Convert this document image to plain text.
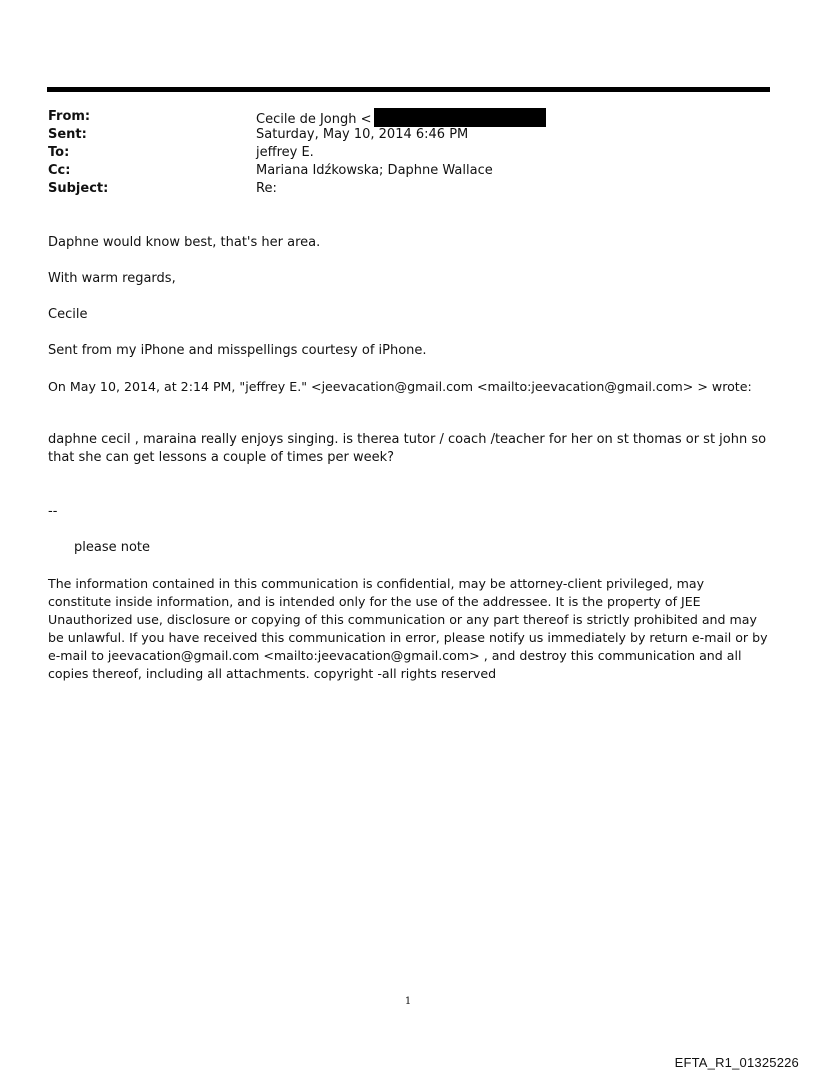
From:	Cecile de Jongh <
Sent:	Saturday, May 10, 2014 6:46 PM
To:	jeffrey E.
Cc:	Mariana Idźkowska; Daphne Wallace
Subject:	Re:
Daphne would know best, that's her area.
With warm regards,
Cecile
Sent from my iPhone and misspellings courtesy of iPhone.
On May 10, 2014, at 2:14 PM, "jeffrey E." <jeevacation@gmail.com <mailto:jeevacation@gmail.com> > wrote:
daphne cecil , maraina really enjoys singing. is therea tutor / coach /teacher for her on st thomas or st john so that she can get lessons a couple of times per week?
--
please note
The information contained in this communication is confidential, may be attorney-client privileged, may constitute inside information, and is intended only for the use of the addressee. It is the property of JEE Unauthorized use, disclosure or copying of this communication or any part thereof is strictly prohibited and may be unlawful. If you have received this communication in error, please notify us immediately by return e-mail or by e-mail to jeevacation@gmail.com <mailto:jeevacation@gmail.com> , and destroy this communication and all copies thereof, including all attachments. copyright -all rights reserved
1
EFTA_R1_01325226
